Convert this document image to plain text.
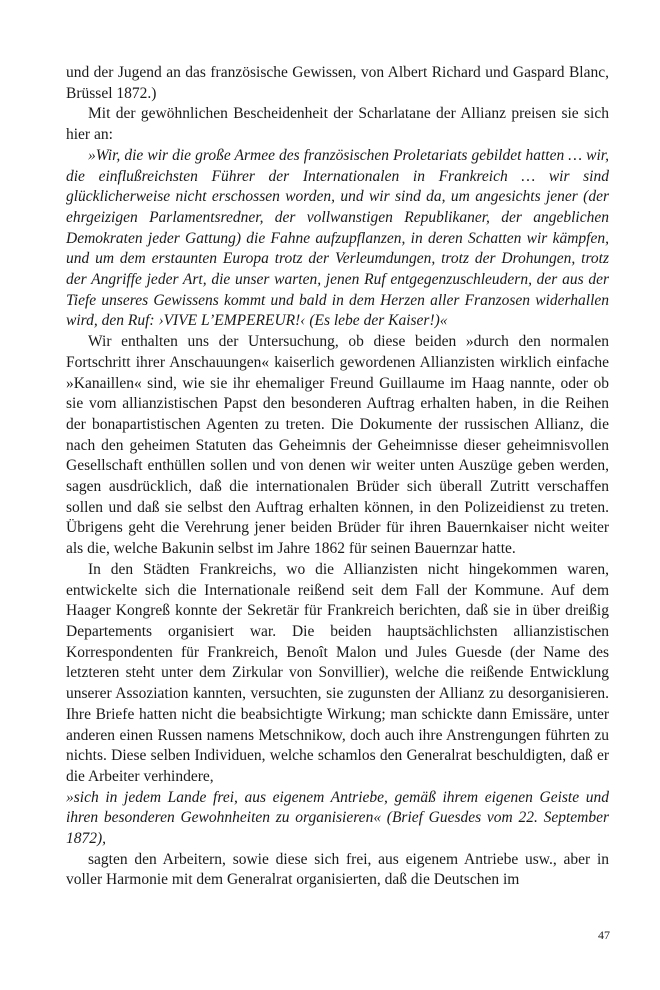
und der Jugend an das französische Gewissen, von Albert Richard und Gaspard Blanc, Brüssel 1872.)

Mit der gewöhnlichen Bescheidenheit der Scharlatane der Allianz preisen sie sich hier an:

»Wir, die wir die große Armee des französischen Proletariats gebildet hatten … wir, die einflußreichsten Führer der Internationalen in Frankreich … wir sind glücklicherweise nicht erschossen worden, und wir sind da, um angesichts jener (der ehrgeizigen Parlamentsredner, der vollwanstigen Republikaner, der angeblichen Demokraten jeder Gattung) die Fahne aufzupflanzen, in deren Schatten wir kämpfen, und um dem erstaunten Europa trotz der Verleumdungen, trotz der Drohungen, trotz der Angriffe jeder Art, die unser warten, jenen Ruf entgegenzuschleudern, der aus der Tiefe unseres Gewissens kommt und bald in dem Herzen aller Franzosen widerhallen wird, den Ruf: ›VIVE L’EMPEREUR!‹ (Es lebe der Kaiser!)«

Wir enthalten uns der Untersuchung, ob diese beiden »durch den normalen Fortschritt ihrer Anschauungen« kaiserlich gewordenen Allianzisten wirklich einfache »Kanaillen« sind, wie sie ihr ehemaliger Freund Guillaume im Haag nannte, oder ob sie vom allianzistischen Papst den besonderen Auftrag erhalten haben, in die Reihen der bonapartistischen Agenten zu treten. Die Dokumente der russischen Allianz, die nach den geheimen Statuten das Geheimnis der Geheimnisse dieser geheimnisvollen Gesellschaft enthüllen sollen und von denen wir weiter unten Auszüge geben werden, sagen ausdrücklich, daß die internationalen Brüder sich überall Zutritt verschaffen sollen und daß sie selbst den Auftrag erhalten können, in den Polizeidienst zu treten. Übrigens geht die Verehrung jener beiden Brüder für ihren Bauernkaiser nicht weiter als die, welche Bakunin selbst im Jahre 1862 für seinen Bauernzar hatte.

In den Städten Frankreichs, wo die Allianzisten nicht hingekommen waren, entwickelte sich die Internationale reißend seit dem Fall der Kommune. Auf dem Haager Kongreß konnte der Sekretär für Frankreich berichten, daß sie in über dreißig Departements organisiert war. Die beiden hauptsächlichsten allianzistischen Korrespondenten für Frankreich, Benoît Malon und Jules Guesde (der Name des letzteren steht unter dem Zirkular von Sonvillier), welche die reißende Entwicklung unserer Assoziation kannten, versuchten, sie zugunsten der Allianz zu desorganisieren. Ihre Briefe hatten nicht die beabsichtigte Wirkung; man schickte dann Emissäre, unter anderen einen Russen namens Metschnikow, doch auch ihre Anstrengungen führten zu nichts. Diese selben Individuen, welche schamlos den Generalrat beschuldigten, daß er die Arbeiter verhindere,

»sich in jedem Lande frei, aus eigenem Antriebe, gemäß ihrem eigenen Geiste und ihren besonderen Gewohnheiten zu organisieren« (Brief Guesdes vom 22. September 1872),

sagten den Arbeitern, sowie diese sich frei, aus eigenem Antriebe usw., aber in voller Harmonie mit dem Generalrat organisierten, daß die Deutschen im

47
